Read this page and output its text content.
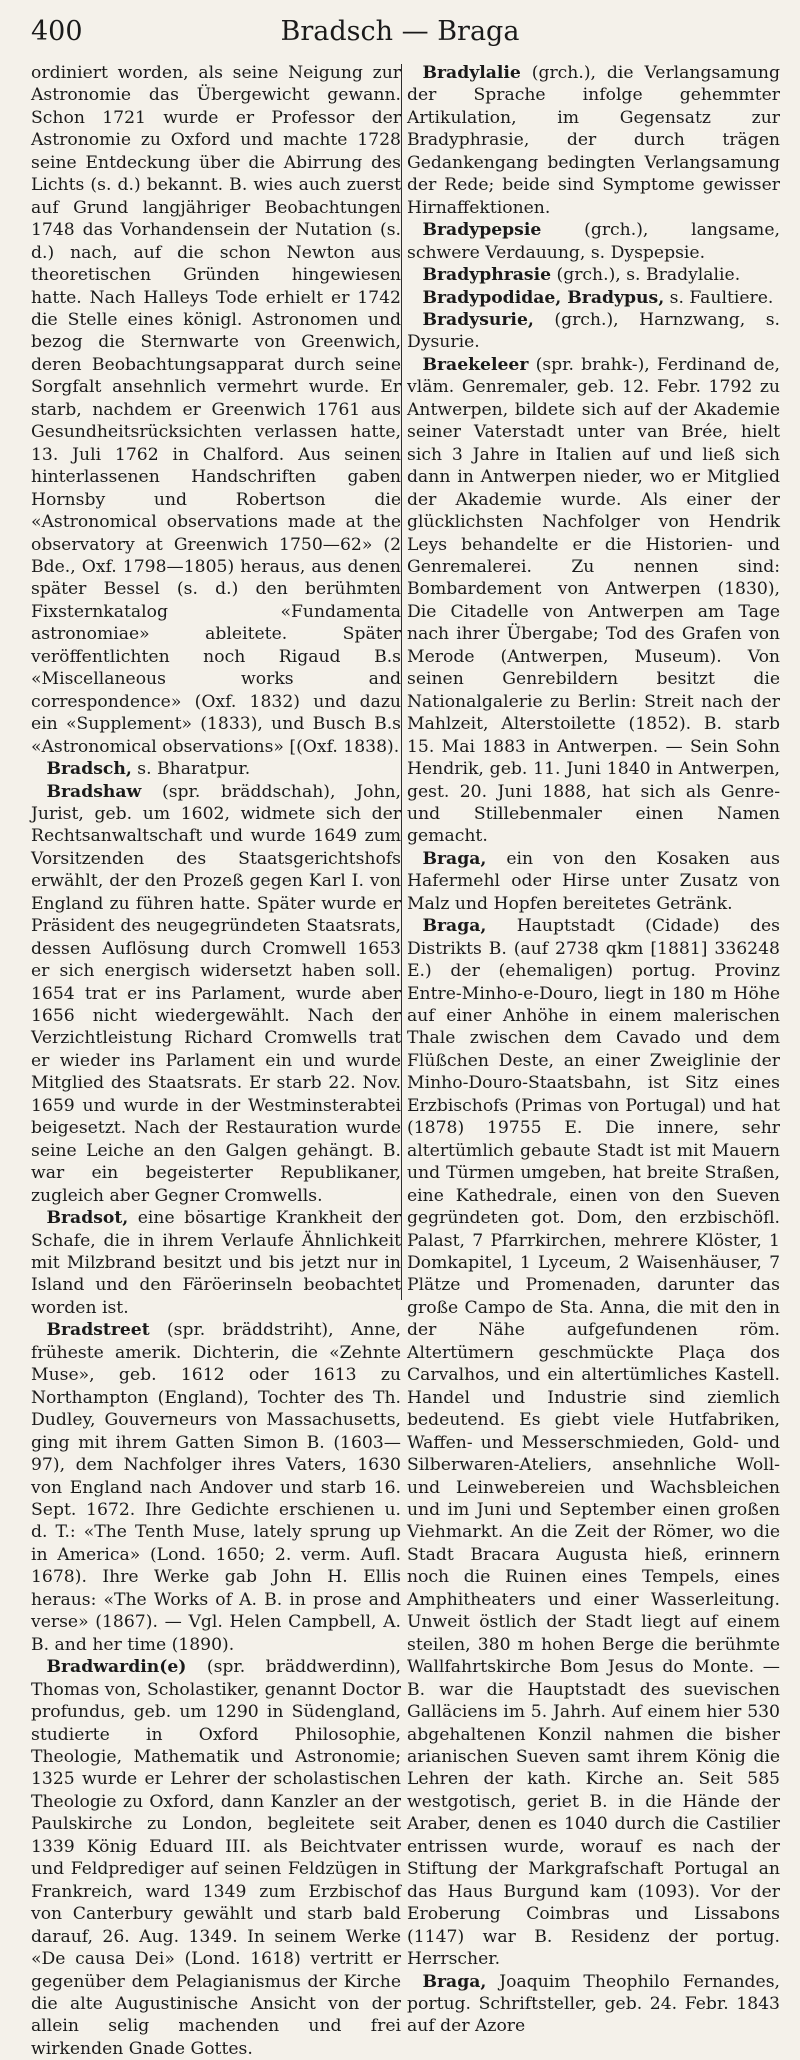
400	Bradsch — Braga

ordiniert worden, als seine Neigung zur Astronomie das Übergewicht gewann. Schon 1721 wurde er Professor der Astronomie zu Oxford und machte 1728 seine Entdeckung über die Abirrung des Lichts (s. d.) bekannt. B. wies auch zuerst auf Grund langjähriger Beobachtungen 1748 das Vorhandensein der Nutation (s. d.) nach, auf die schon Newton aus theoretischen Gründen hingewiesen hatte. Nach Halleys Tode erhielt er 1742 die Stelle eines königl. Astronomen und bezog die Sternwarte von Greenwich, deren Beobachtungsapparat durch seine Sorgfalt ansehnlich vermehrt wurde. Er starb, nachdem er Greenwich 1761 aus Gesundheitsrücksichten verlassen hatte, 13. Juli 1762 in Chalford. Aus seinen hinterlassenen Handschriften gaben Hornsby und Robertson die «Astronomical observations made at the observatory at Greenwich 1750—62» (2 Bde., Oxf. 1798—1805) heraus, aus denen später Bessel (s. d.) den berühmten Fixsternkatalog «Fundamenta astronomiae» ableitete. Später veröffentlichten noch Rigaud B.s «Miscellaneous works and correspondence» (Oxf. 1832) und dazu ein «Supplement» (1833), und Busch B.s «Astronomical observations» [(Oxf. 1838).

Bradsch, s. Bharatpur.

Bradshaw (spr. bräddschah), John, Jurist, geb. um 1602, widmete sich der Rechtsanwaltschaft und wurde 1649 zum Vorsitzenden des Staatsgerichtshofs erwählt, der den Prozeß gegen Karl I. von England zu führen hatte. Später wurde er Präsident des neugegründeten Staatsrats, dessen Auflösung durch Cromwell 1653 er sich energisch widersetzt haben soll. 1654 trat er ins Parlament, wurde aber 1656 nicht wiedergewählt. Nach der Verzichtleistung Richard Cromwells trat er wieder ins Parlament ein und wurde Mitglied des Staatsrats. Er starb 22. Nov. 1659 und wurde in der Westminsterabtei beigesetzt. Nach der Restauration wurde seine Leiche an den Galgen gehängt. B. war ein begeisterter Republikaner, zugleich aber Gegner Cromwells.

Bradsot, eine bösartige Krankheit der Schafe, die in ihrem Verlaufe Ähnlichkeit mit Milzbrand besitzt und bis jetzt nur in Island und den Färöerinseln beobachtet worden ist.

Bradstreet (spr. bräddstriht), Anne, früheste amerik. Dichterin, die «Zehnte Muse», geb. 1612 oder 1613 zu Northampton (England), Tochter des Th. Dudley, Gouverneurs von Massachusetts, ging mit ihrem Gatten Simon B. (1603—97), dem Nachfolger ihres Vaters, 1630 von England nach Andover und starb 16. Sept. 1672. Ihre Gedichte erschienen u. d. T.: «The Tenth Muse, lately sprung up in America» (Lond. 1650; 2. verm. Aufl. 1678). Ihre Werke gab John H. Ellis heraus: «The Works of A. B. in prose and verse» (1867). — Vgl. Helen Campbell, A. B. and her time (1890).

Bradwardin(e) (spr. bräddwerdinn), Thomas von, Scholastiker, genannt Doctor profundus, geb. um 1290 in Südengland, studierte in Oxford Philosophie, Theologie, Mathematik und Astronomie; 1325 wurde er Lehrer der scholastischen Theologie zu Oxford, dann Kanzler an der Paulskirche zu London, begleitete seit 1339 König Eduard III. als Beichtvater und Feldprediger auf seinen Feldzügen in Frankreich, ward 1349 zum Erzbischof von Canterbury gewählt und starb bald darauf, 26. Aug. 1349. In seinem Werke «De causa Dei» (Lond. 1618) vertritt er gegenüber dem Pelagianismus der Kirche die alte Augustinische Ansicht von der allein selig machenden und frei wirkenden Gnade Gottes.

Bradylalie (grch.), die Verlangsamung der Sprache infolge gehemmter Artikulation, im Gegensatz zur Bradyphrasie, der durch trägen Gedankengang bedingten Verlangsamung der Rede; beide sind Symptome gewisser Hirnaffektionen.

Bradypepsie (grch.), langsame, schwere Verdauung, s. Dyspepsie.

Bradyphrasie (grch.), s. Bradylalie.

Bradypodidae, Bradypus, s. Faultiere.

Bradysurie, (grch.), Harnzwang, s. Dysurie.

Braekeleer (spr. brahk-), Ferdinand de, vläm. Genremaler, geb. 12. Febr. 1792 zu Antwerpen, bildete sich auf der Akademie seiner Vaterstadt unter van Brée, hielt sich 3 Jahre in Italien auf und ließ sich dann in Antwerpen nieder, wo er Mitglied der Akademie wurde. Als einer der glücklichsten Nachfolger von Hendrik Leys behandelte er die Historien- und Genremalerei. Zu nennen sind: Bombardement von Antwerpen (1830), Die Citadelle von Antwerpen am Tage nach ihrer Übergabe; Tod des Grafen von Merode (Antwerpen, Museum). Von seinen Genrebildern besitzt die Nationalgalerie zu Berlin: Streit nach der Mahlzeit, Alterstoilette (1852). B. starb 15. Mai 1883 in Antwerpen. — Sein Sohn Hendrik, geb. 11. Juni 1840 in Antwerpen, gest. 20. Juni 1888, hat sich als Genre- und Stillebenmaler einen Namen gemacht.

Braga, ein von den Kosaken aus Hafermehl oder Hirse unter Zusatz von Malz und Hopfen bereitetes Getränk.

Braga, Hauptstadt (Cidade) des Distrikts B. (auf 2738 qkm [1881] 336248 E.) der (ehemaligen) portug. Provinz Entre-Minho-e-Douro, liegt in 180 m Höhe auf einer Anhöhe in einem malerischen Thale zwischen dem Cavado und dem Flüßchen Deste, an einer Zweiglinie der Minho-Douro-Staatsbahn, ist Sitz eines Erzbischofs (Primas von Portugal) und hat (1878) 19755 E. Die innere, sehr altertümlich gebaute Stadt ist mit Mauern und Türmen umgeben, hat breite Straßen, eine Kathedrale, einen von den Sueven gegründeten got. Dom, den erzbischöfl. Palast, 7 Pfarrkirchen, mehrere Klöster, 1 Domkapitel, 1 Lyceum, 2 Waisenhäuser, 7 Plätze und Promenaden, darunter das große Campo de Sta. Anna, die mit den in der Nähe aufgefundenen röm. Altertümern geschmückte Plaça dos Carvalhos, und ein altertümliches Kastell. Handel und Industrie sind ziemlich bedeutend. Es giebt viele Hutfabriken, Waffen- und Messerschmieden, Gold- und Silberwaren-Ateliers, ansehnliche Woll- und Leinwebereien und Wachsbleichen und im Juni und September einen großen Viehmarkt. An die Zeit der Römer, wo die Stadt Bracara Augusta hieß, erinnern noch die Ruinen eines Tempels, eines Amphitheaters und einer Wasserleitung. Unweit östlich der Stadt liegt auf einem steilen, 380 m hohen Berge die berühmte Wallfahrtskirche Bom Jesus do Monte. — B. war die Hauptstadt des suevischen Galläciens im 5. Jahrh. Auf einem hier 530 abgehaltenen Konzil nahmen die bisher arianischen Sueven samt ihrem König die Lehren der kath. Kirche an. Seit 585 westgotisch, geriet B. in die Hände der Araber, denen es 1040 durch die Castilier entrissen wurde, worauf es nach der Stiftung der Markgrafschaft Portugal an das Haus Burgund kam (1093). Vor der Eroberung Coimbras und Lissabons (1147) war B. Residenz der portug. Herrscher.

Braga, Joaquim Theophilo Fernandes, portug. Schriftsteller, geb. 24. Febr. 1843 auf der Azore
